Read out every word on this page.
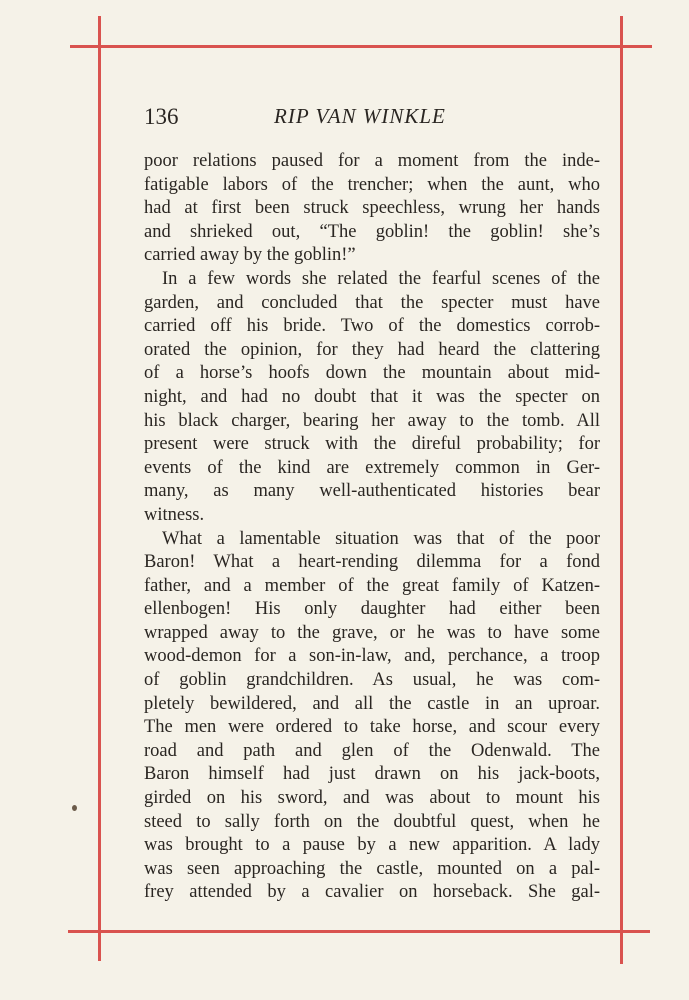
136	RIP VAN WINKLE
poor relations paused for a moment from the inde-
fatigable labors of the trencher; when the aunt, who
had at first been struck speechless, wrung her hands
and shrieked out, “The goblin! the goblin! she’s
carried away by the goblin!”
In a few words she related the fearful scenes of the
garden, and concluded that the specter must have
carried off his bride. Two of the domestics corrob-
orated the opinion, for they had heard the clattering
of a horse’s hoofs down the mountain about mid-
night, and had no doubt that it was the specter on
his black charger, bearing her away to the tomb. All
present were struck with the direful probability; for
events of the kind are extremely common in Ger-
many, as many well-authenticated histories bear
witness.
What a lamentable situation was that of the poor
Baron! What a heart-rending dilemma for a fond
father, and a member of the great family of Katzen-
ellenbogen! His only daughter had either been
wrapped away to the grave, or he was to have some
wood-demon for a son-in-law, and, perchance, a troop
of goblin grandchildren. As usual, he was com-
pletely bewildered, and all the castle in an uproar.
The men were ordered to take horse, and scour every
road and path and glen of the Odenwald. The
Baron himself had just drawn on his jack-boots,
girded on his sword, and was about to mount his
steed to sally forth on the doubtful quest, when he
was brought to a pause by a new apparition. A lady
was seen approaching the castle, mounted on a pal-
frey attended by a cavalier on horseback. She gal-
